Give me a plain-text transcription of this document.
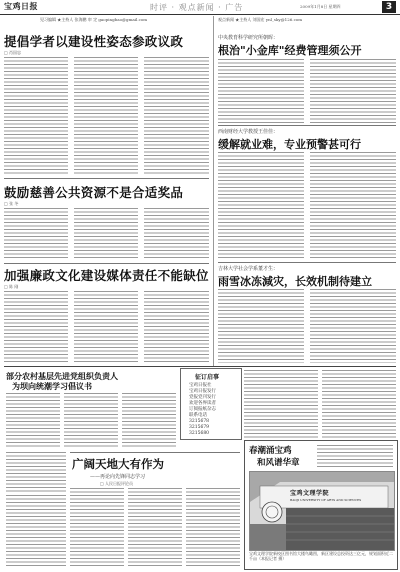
宝鸡日报	时评 · 观点新闻 · 广告	2009年1月8日 星期四	3
见习编辑 ★主持人 张海鹏 审 定 gaopingbao@gmail.com
提倡学者以建设性姿态参政议政
□ 肖国忠
鼓励慈善公共资源不是合适奖品
□ 张 冬
加强廉政文化建设媒体责任不能缺位
□ 陈 刚
观点新闻 ★主持人 刘国宏 ynl_sky@126.com
中央教育科学研究所朝晖：
根治"小金库"经费管理须公开
西南财经大学教授王佳佳：
缓解就业难，专业预警甚可行
吉林大学社会学系董才生：
雨雪冰冻減灾，长效机制待建立
部分农村基层先进党组织负责人
为坝向统潮学习倡议书
征订启事
宝鸡日报社
宝鸡日报发行
党报党刊发行
欢迎各界读者
订阅报纸杂志
联系电话
3215678
3215679
3215680
广阔天地大有作为
——再论向先锋同志学习
□ 人民日报评论员
春潮涌宝鸡
和风谱华章
宝鸡文理学院
BAOJI UNIVERSITY OF ARTS AND SCIENCES
宝鸡文理学院新校区图书馆大楼鸟瞰图，新区建设总投资达三亿元，规划面积近二千亩（本报记者 摄）
